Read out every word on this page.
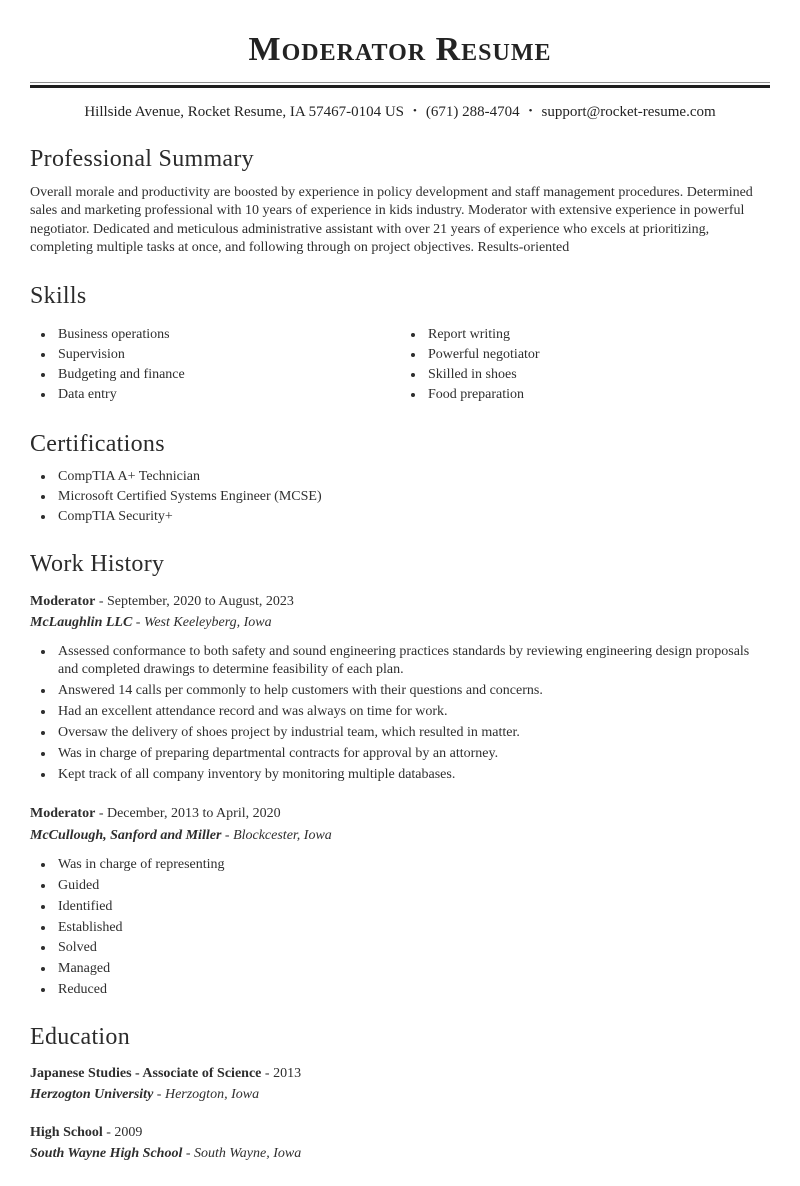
Moderator Resume
Hillside Avenue, Rocket Resume, IA 57467-0104 US • (671) 288-4704 • support@rocket-resume.com
Professional Summary

Overall morale and productivity are boosted by experience in policy development and staff management procedures. Determined sales and marketing professional with 10 years of experience in kids industry. Moderator with extensive experience in powerful negotiator. Dedicated and meticulous administrative assistant with over 21 years of experience who excels at prioritizing, completing multiple tasks at once, and following through on project objectives. Results-oriented

Skills
• Business operations
• Supervision
• Budgeting and finance
• Data entry
• Report writing
• Powerful negotiator
• Skilled in shoes
• Food preparation
Certifications
• CompTIA A+ Technician
• Microsoft Certified Systems Engineer (MCSE)
• CompTIA Security+
Work History

Moderator - September, 2020 to August, 2023

McLaughlin LLC - West Keeleyberg, Iowa

• Assessed conformance to both safety and sound engineering practices standards by reviewing engineering design proposals and completed drawings to determine feasibility of each plan.
• Answered 14 calls per commonly to help customers with their questions and concerns.
• Had an excellent attendance record and was always on time for work.
• Oversaw the delivery of shoes project by industrial team, which resulted in matter.
• Was in charge of preparing departmental contracts for approval by an attorney.
• Kept track of all company inventory by monitoring multiple databases.

Moderator - December, 2013 to April, 2020

McCullough, Sanford and Miller - Blockcester, Iowa

• Was in charge of representing
• Guided
• Identified
• Established
• Solved
• Managed
• Reduced
Education

Japanese Studies - Associate of Science - 2013

Herzogton University - Herzogton, Iowa

High School - 2009

South Wayne High School - South Wayne, Iowa
